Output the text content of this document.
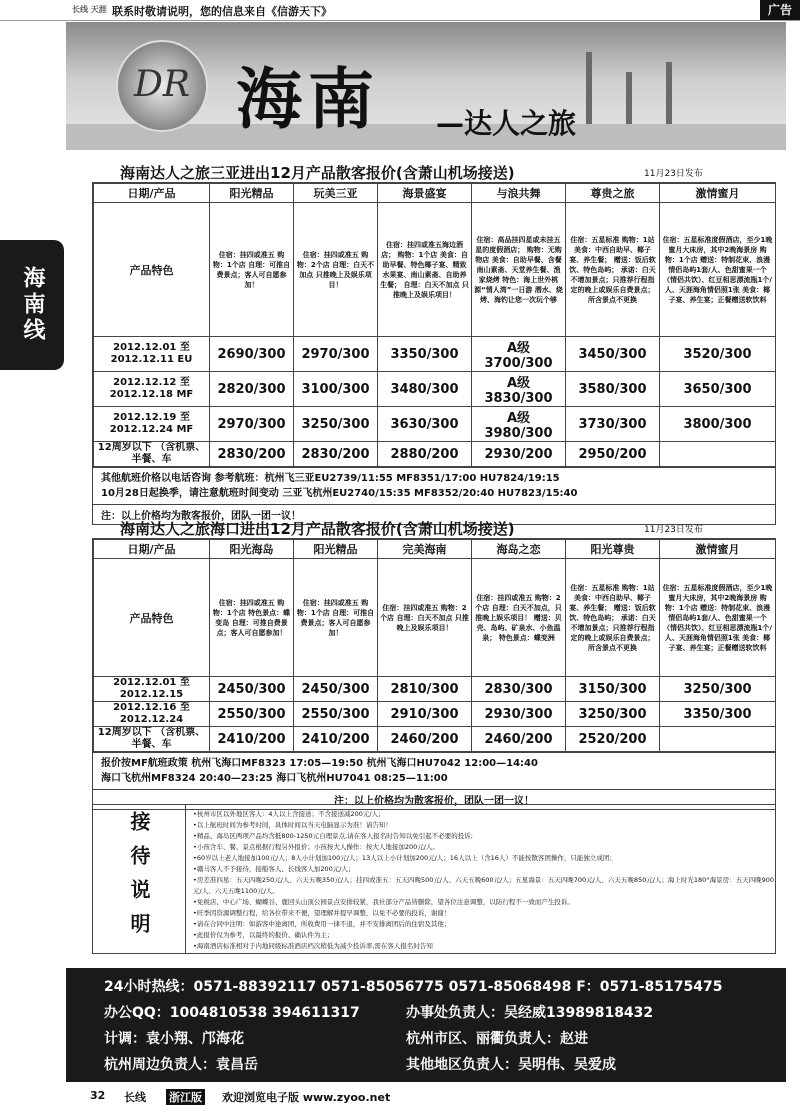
长线 天涯 联系时敬请说明，您的信息来自《信游天下》	广告
海南线
DR 海南 —达人之旅
海南达人之旅三亚进出12月产品散客报价(含萧山机场接送)	11月23日发布
日期/产品	阳光精品	玩美三亚	海景盛宴	与浪共舞	尊贵之旅	激情蜜月
产品特色	住宿：挂四或准五 购物：1个店 自理：可推自费景点；客人可自愿参加！	住宿：挂四或准五 购物：2个店 自理：白天不加点 只推晚上及娱乐项目！	住宿：挂四或准五海边酒店； 购物：1个店 美食：自助早餐、特色椰子宴、精致水果宴、南山素斋、自助养生餐； 自理：白天不加点 只推晚上及娱乐项目！	住宿：高品挂四星或未挂五星的度假酒店； 购物：无购物店 美食：自助早餐、含餐南山素斋、天堂养生餐、渔家烧烤 特色：海上世外桃源“情人湾”一日游 潜水、烧烤、海钓让您一次玩个够	住宿：五星标准 购物：1站 美食：中西自助早、椰子宴、养生餐； 赠送：饭后软饮、特色岛屿； 承诺：白天不增加景点；只推荐行程指定的晚上或娱乐自费景点；所含景点不更换	住宿：五星标准度假酒店，至少1晚蜜月大床房，其中2晚海景房 购物：1个店 赠送：特制花束、浪漫情侣岛屿1套/人、色甜蜜果一个（情侣共饮）、红豆相思漂流瓶1个/人、天涯海角情侣照1张 美食：椰子宴、养生宴；正餐赠送软饮料
2012.12.01 至 2012.12.11 EU	2690/300	2970/300	3350/300	A级3700/300	3450/300	3520/300
2012.12.12 至 2012.12.18 MF	2820/300	3100/300	3480/300	A级3830/300	3580/300	3650/300
2012.12.19 至 2012.12.24 MF	2970/300	3250/300	3630/300	A级3980/300	3730/300	3800/300
12周岁以下 （含机票、半餐、车	2830/200	2830/200	2880/200	2930/200	2950/200	
其他航班价格以电话咨询 参考航班：杭州飞三亚EU2739/11:55 MF8351/17:00 HU7824/19:15
10月28日起换季，请注意航班时间变动 三亚飞杭州EU2740/15:35 MF8352/20:40 HU7823/15:40
注：以上价格均为散客报价，团队一团一议！
海南达人之旅海口进出12月产品散客报价(含萧山机场接送)	11月23日发布
日期/产品	阳光海岛	阳光精品	完美海南	海岛之恋	阳光尊贵	激情蜜月
产品特色	住宿：挂四或准五 购物：1个店 特色景点：蝶变岛 自理：可推自费景点；客人可自愿参加！	住宿：挂四或准五 购物：1个店 自理：可推自费景点；客人可自愿参加！	住宿：挂四或准五 购物：2个店 自理：白天不加点 只推晚上及娱乐项目！	住宿：挂四或准五 购物：2个店 自理：白天不加点，只推晚上娱乐项目！ 赠送：贝壳、岛屿、矿泉水、小鱼温泉； 特色景点：蝶变洲	住宿：五星标准 购物：1站 美食：中西自助早、椰子宴、养生餐； 赠送：饭后软饮、特色岛屿； 承诺：白天不增加景点；只推荐行程指定的晚上或娱乐自费景点；所含景点不更换	住宿：五星标准度假酒店，至少1晚蜜月大床房，其中2晚海景房 购物：1个店 赠送：特制花束、浪漫情侣岛屿1套/人、色甜蜜果一个（情侣共饮）、红豆相思漂流瓶1个/人、天涯海角情侣照1张 美食：椰子宴、养生宴；正餐赠送软饮料
2012.12.01 至 2012.12.15	2450/300	2450/300	2810/300	2830/300	3150/300	3250/300
2012.12.16 至 2012.12.24	2550/300	2550/300	2910/300	2930/300	3250/300	3350/300
12周岁以下 （含机票、半餐、车	2410/200	2410/200	2460/200	2460/200	2520/200	
报价按MF航班政策 杭州飞海口MF8323 17:05—19:50 杭州飞海口HU7042 12:00—14:40
海口飞杭州MF8324 20:40—23:25 海口飞杭州HU7041 08:25—11:00
注：以上价格均为散客报价，团队一团一议！
接待说明	•杭州市区以外地区客人：4人以上含接送；不含接送减200元/人；
•以上航班时间为参考时间，具体时间以当天电脑显示为准！请告知！
•精品、海岛区两项产品均含抵800-1250元自理景点,请在客人报名时告知以免引起不必要的投诉;
•小孩含车、餐、景点根据行程另外报价；小孩按大人操作：按大人地接加200元/人。
•60岁以上老人地接加100元/人；8人小计划加100元/人；13人以上小计划加200元/人；16人以上（含16人）不能按散客团操作，只能独立成团；
•赣马客人不予接待，接船客人、长线客人加200元/人；
•房差准四星：五天四晚250元/人、六天五晚350元/人；挂四或准五：五天四晚500元/人、六天五晚600元/人；五星海景：五天四晚700元/人、六天五晚850元/人；海上时光180°海景房：五天四晚900元/人、六天五晚1100元/人。
•免税店、中心广场、蝴蝶谷、鹿回头山顶公园景点安排较紧，我社部分产品皆删除，望各位注意调整，以防行程不一致而产生投诉。
•旺季因资源调整行程，给各位带来不便，望理解并提早调整，以免不必要的投诉，谢谢！
•请在合同中注明：如游客中途离团，所收费用一律不退，并不安排离团后的住宿及其他；
•此报价仅为参考，以最终的报价、确认件为主；
•海南酒店标准相对于内地同级标准酒店档次稍低为减少投诉率,需在客人报名时告知
24小时热线：0571-88392117 0571-85056775 0571-85068498 F：0571-85175475
办公QQ：1004810538 394611317	办事处负责人：吴经威13989818432
计调：袁小翔、邝海花	杭州市区、丽衢负责人：赵进
杭州周边负责人：袁昌岳	其他地区负责人：吴明伟、吴爱成
32 长线 浙江版 欢迎浏览电子版 www.zyoo.net
